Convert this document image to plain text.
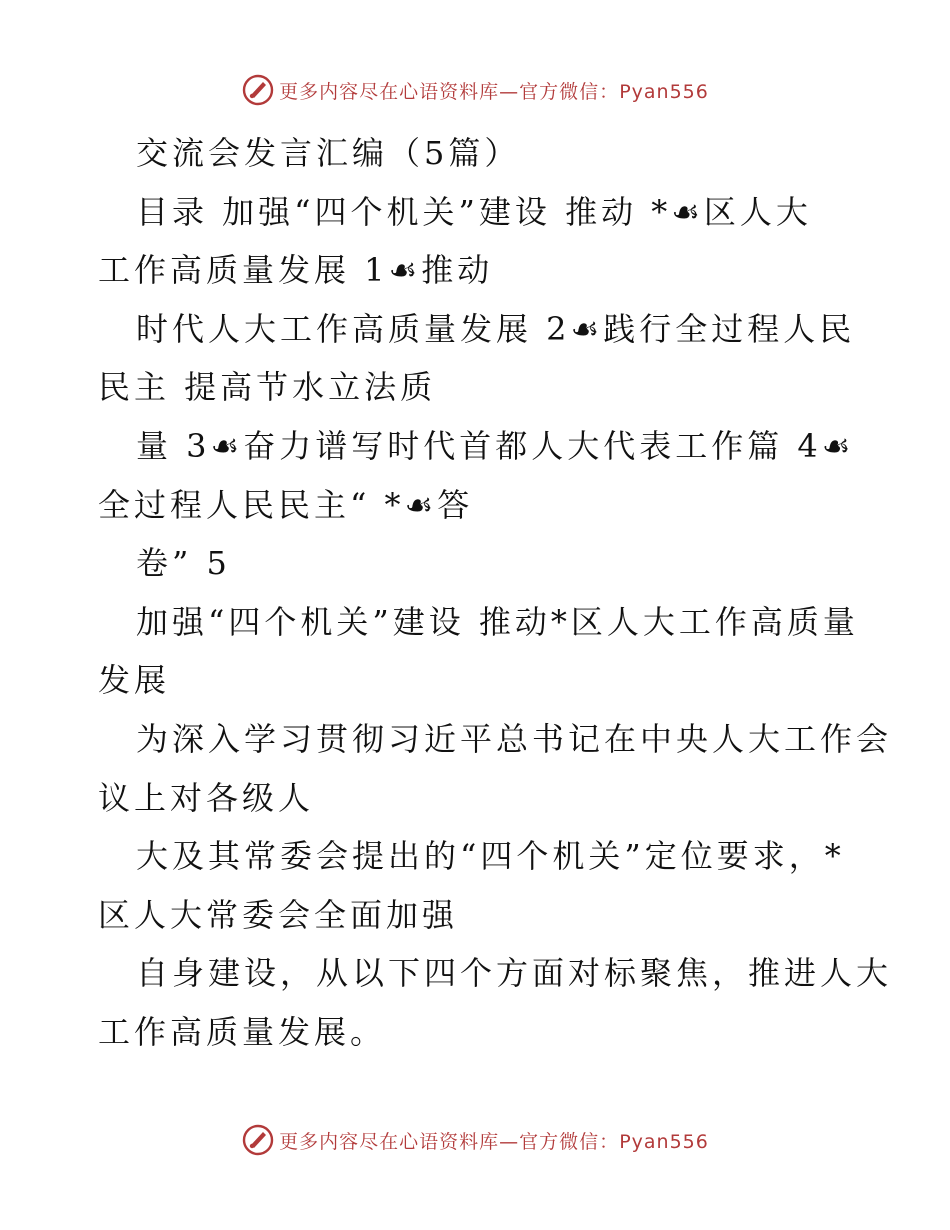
更多内容尽在心语资料库—官方微信：Pyan556
交流会发言汇编（5篇）
目录 加强“四个机关”建设 推动 *☙区人大
工作高质量发展 1☙推动
时代人大工作高质量发展 2☙践行全过程人民
民主 提高节水立法质
量 3☙奋力谱写时代首都人大代表工作篇 4☙
全过程人民民主“ *☙答
卷” 5
加强“四个机关”建设 推动*区人大工作高质量
发展
为深入学习贯彻习近平总书记在中央人大工作会
议上对各级人
大及其常委会提出的“四个机关”定位要求，*
区人大常委会全面加强
自身建设，从以下四个方面对标聚焦，推进人大
工作高质量发展。
更多内容尽在心语资料库—官方微信：Pyan556
